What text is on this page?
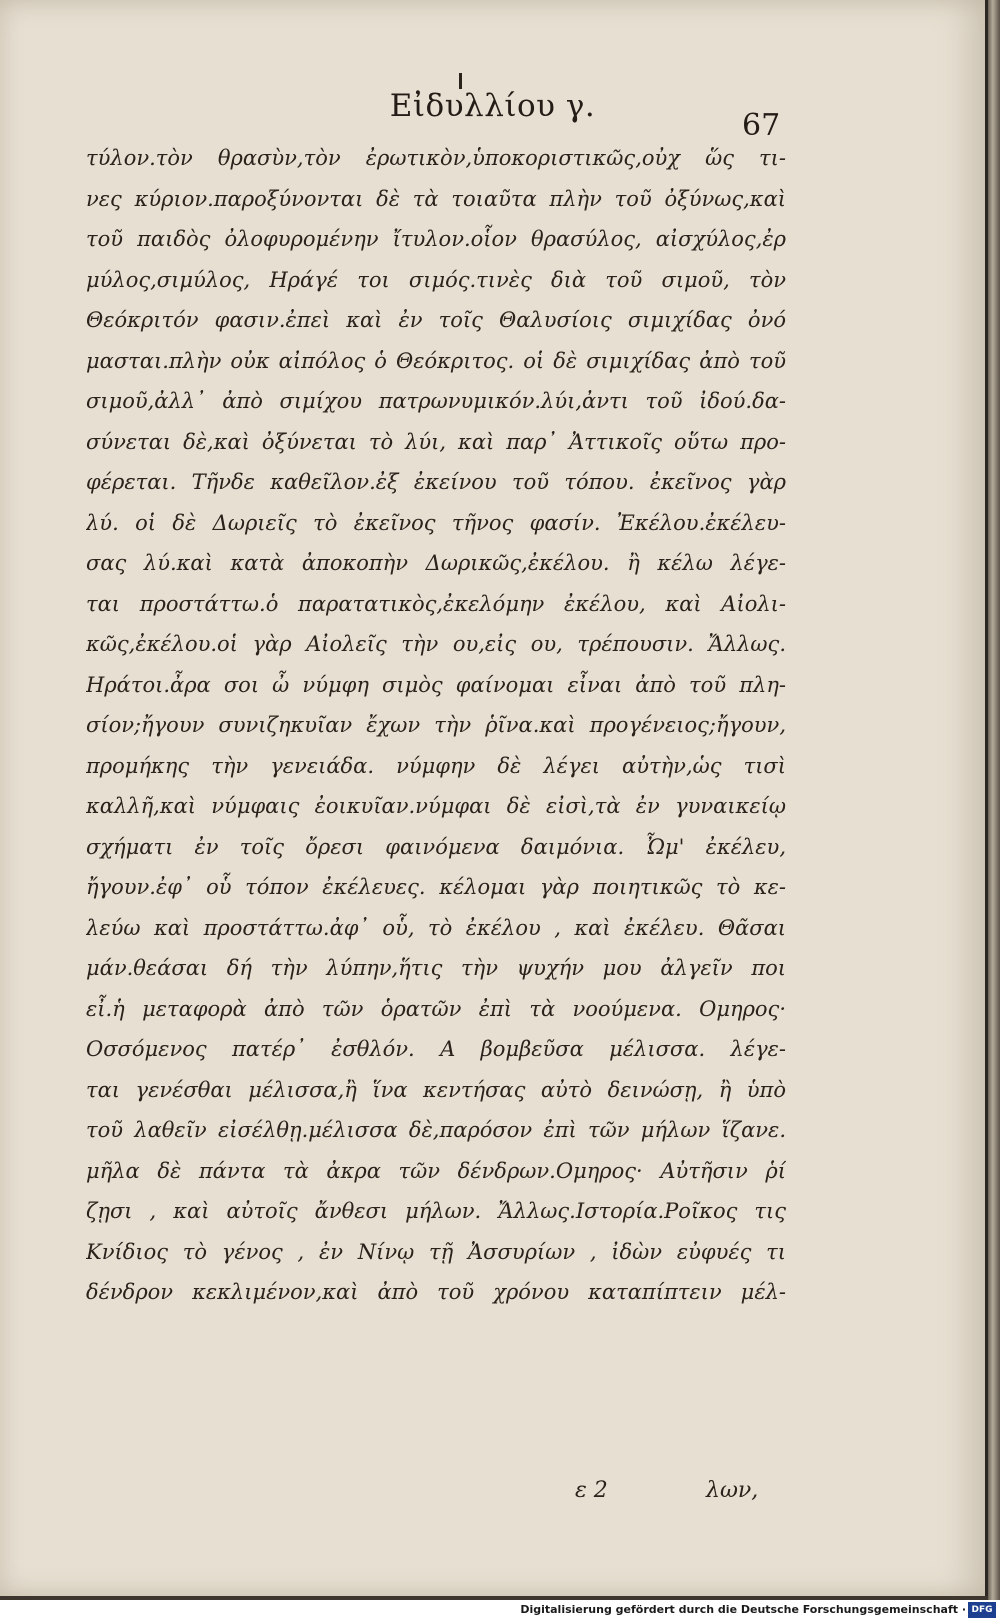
Εἰδυλλίου γ.
67
τύλον.τὸν θρασὺν,τὸν ἐρωτικὸν,ὑποκοριστικῶς,οὐχ ὥς τι-
νες κύριον.παροξύνονται δὲ τὰ τοιαῦτα πλὴν τοῦ ὀξύνως,καὶ
τοῦ παιδὸς ὀλοφυρομένην ἴτυλον.οἷον θρασύλος, αἰσχύλος,ἐρ
μύλος,σιμύλος, Ηράγέ τοι σιμός.τινὲς διὰ τοῦ σιμοῦ, τὸν
Θεόκριτόν φασιν.ἐπεὶ καὶ ἐν τοῖς Θαλυσίοις σιμιχίδας ὀνό
μασται.πλὴν οὐκ αἰπόλος ὁ Θεόκριτος. οἱ δὲ σιμιχίδας ἀπὸ τοῦ
σιμοῦ,ἀλλ᾽ ἀπὸ σιμίχου πατρωνυμικόν.λύι,ἀντι τοῦ ἰδού.δα-
σύνεται δὲ,καὶ ὀξύνεται τὸ λύι, καὶ παρ᾽ Ἀττικοῖς οὕτω προ-
φέρεται. Τῆνδε καθεῖλον.ἐξ ἐκείνου τοῦ τόπου. ἐκεῖνος γὰρ
λύ. οἱ δὲ Δωριεῖς τὸ ἐκεῖνος τῆνος φασίν. Ἐκέλου.ἐκέλευ-
σας λύ.καὶ κατὰ ἀποκοπὴν Δωρικῶς,ἐκέλου. ἢ κέλω λέγε-
ται προστάττω.ὁ παρατατικὸς,ἐκελόμην ἐκέλου, καὶ Αἰολι-
κῶς,ἐκέλου.οἱ γὰρ Αἰολεῖς τὴν ου,εἰς ου, τρέπουσιν. Ἄλλως.
Ηράτοι.ἆρα σοι ὦ νύμφη σιμὸς φαίνομαι εἶναι ἀπὸ τοῦ πλη-
σίον;ἤγουν συνιζηκυῖαν ἔχων τὴν ῥῖνα.καὶ προγένειος;ἤγουν,
προμήκης τὴν γενειάδα. νύμφην δὲ λέγει αὐτὴν,ὡς τισὶ
καλλῆ,καὶ νύμφαις ἐοικυῖαν.νύμφαι δὲ εἰσὶ,τὰ ἐν γυναικείῳ
σχήματι ἐν τοῖς ὄρεσι φαινόμενα δαιμόνια. Ὦμ' ἐκέλευ,
ἤγουν.ἐφ᾽ οὗ τόπον ἐκέλευες. κέλομαι γὰρ ποιητικῶς τὸ κε-
λεύω καὶ προστάττω.ἀφ᾽ οὗ, τὸ ἐκέλου , καὶ ἐκέλευ. Θᾶσαι
μάν.θεάσαι δή τὴν λύπην,ἥτις τὴν ψυχήν μου ἀλγεῖν ποι
εἶ.ἡ μεταφορὰ ἀπὸ τῶν ὁρατῶν ἐπὶ τὰ νοούμενα. Ομηρος·
Οσσόμενος πατέρ᾽ ἐσθλόν. Α βομβεῦσα μέλισσα. λέγε-
ται γενέσθαι μέλισσα,ἢ ἵνα κεντήσας αὐτὸ δεινώσῃ, ἢ ὑπὸ
τοῦ λαθεῖν εἰσέλθῃ.μέλισσα δὲ,παρόσον ἐπὶ τῶν μήλων ἵζανε.
μῆλα δὲ πάντα τὰ ἀκρα τῶν δένδρων.Ομηρος· Αὐτῆσιν ῥί
ζῃσι , καὶ αὐτοῖς ἄνθεσι μήλων. Ἄλλως.Ιστορία.Ροῖκος τις
Κνίδιος τὸ γένος , ἐν Νίνῳ τῇ Ἀσσυρίων , ἰδὼν εὐφυές τι
δένδρον κεκλιμένον,καὶ ἀπὸ τοῦ χρόνου καταπίπτειν μέλ-
ε 2	λων,
Digitalisierung gefördert durch die Deutsche Forschungsgemeinschaft · DFG
